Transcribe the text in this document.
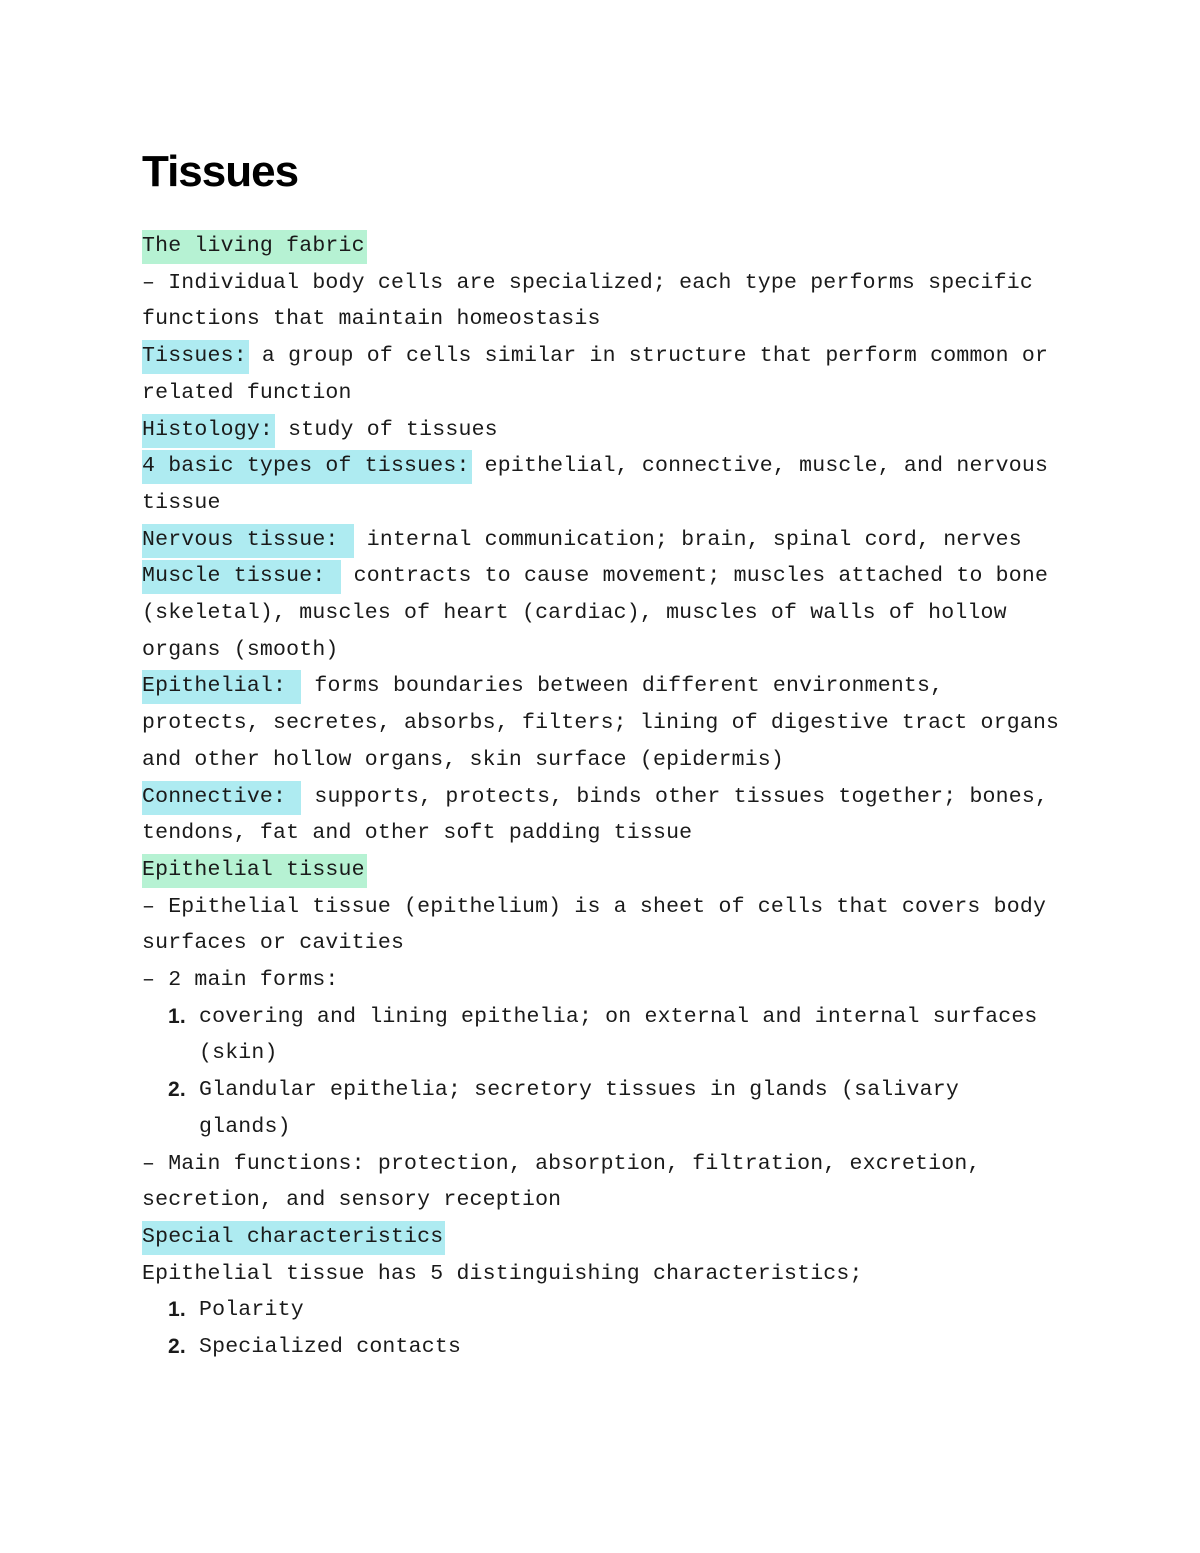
Tissues

The living fabric

– Individual body cells are specialized; each type performs specific functions that maintain homeostasis

Tissues: a group of cells similar in structure that perform common or related function

Histology: study of tissues

4 basic types of tissues: epithelial, connective, muscle, and nervous tissue

Nervous tissue:  internal communication; brain, spinal cord, nerves

Muscle tissue:  contracts to cause movement; muscles attached to bone (skeletal), muscles of heart (cardiac), muscles of walls of hollow organs (smooth)

Epithelial:  forms boundaries between different environments, protects, secretes, absorbs, filters; lining of digestive tract organs and other hollow organs, skin surface (epidermis)

Connective:  supports, protects, binds other tissues together; bones, tendons, fat and other soft padding tissue

Epithelial tissue

– Epithelial tissue (epithelium) is a sheet of cells that covers body surfaces or cavities

– 2 main forms:

1. covering and lining epithelia; on external and internal surfaces (skin)
2. Glandular epithelia; secretory tissues in glands (salivary glands)

– Main functions: protection, absorption, filtration, excretion, secretion, and sensory reception

Special characteristics

Epithelial tissue has 5 distinguishing characteristics;

1. Polarity
2. Specialized contacts
